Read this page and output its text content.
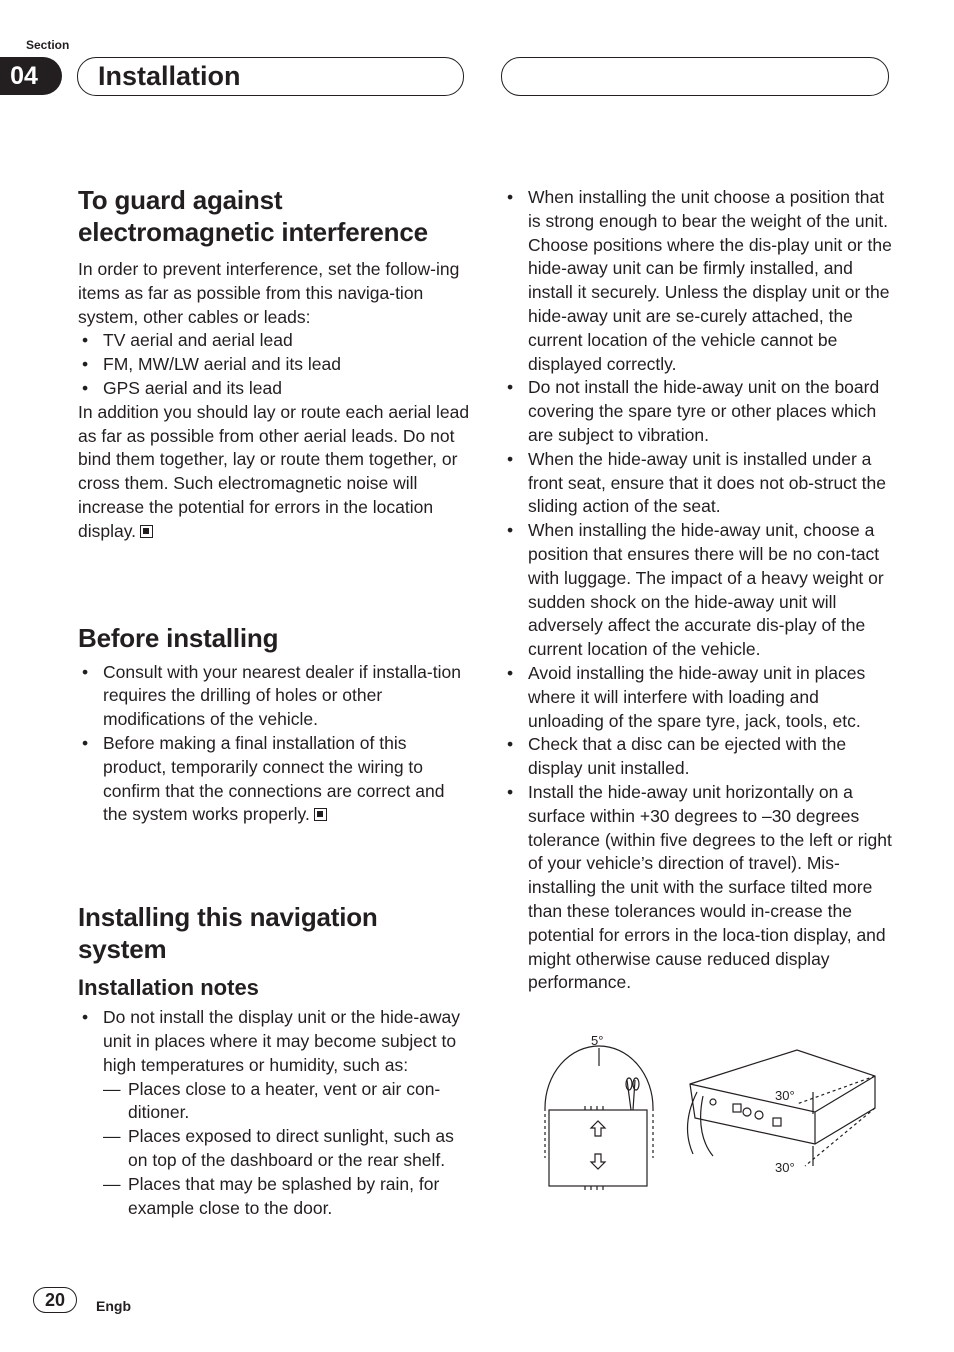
Section
04	Installation
To guard against electromagnetic interference

In order to prevent interference, set the follow-ing items as far as possible from this naviga-tion system, other cables or leads:

• TV aerial and aerial lead
• FM, MW/LW aerial and its lead
• GPS aerial and its lead

In addition you should lay or route each aerial lead as far as possible from other aerial leads. Do not bind them together, lay or route them together, or cross them. Such electromagnetic noise will increase the potential for errors in the location display.

Before installing
• Consult with your nearest dealer if installa-tion requires the drilling of holes or other modifications of the vehicle.
• Before making a final installation of this product, temporarily connect the wiring to confirm that the connections are correct and the system works properly.
Installing this navigation system
Installation notes
• Do not install the display unit or the hide-away unit in places where it may become subject to high temperatures or humidity, such as:
— Places close to a heater, vent or air con-ditioner.
— Places exposed to direct sunlight, such as on top of the dashboard or the rear shelf.
— Places that may be splashed by rain, for example close to the door.
• When installing the unit choose a position that is strong enough to bear the weight of the unit. Choose positions where the dis-play unit or the hide-away unit can be firmly installed, and install it securely. Unless the display unit or the hide-away unit are se-curely attached, the current location of the vehicle cannot be displayed correctly.
• Do not install the hide-away unit on the board covering the spare tyre or other places which are subject to vibration.
• When the hide-away unit is installed under a front seat, ensure that it does not ob-struct the sliding action of the seat.
• When installing the hide-away unit, choose a position that ensures there will be no con-tact with luggage. The impact of a heavy weight or sudden shock on the hide-away unit will adversely affect the accurate dis-play of the current location of the vehicle.
• Avoid installing the hide-away unit in places where it will interfere with loading and unloading of the spare tyre, jack, tools, etc.
• Check that a disc can be ejected with the display unit installed.
• Install the hide-away unit horizontally on a surface within +30 degrees to –30 degrees tolerance (within five degrees to the left or right of your vehicle’s direction of travel). Mis-installing the unit with the surface tilted more than these tolerances would in-crease the potential for errors in the loca-tion display, and might otherwise cause reduced display performance.
5°
30°
30°
20	Engb
